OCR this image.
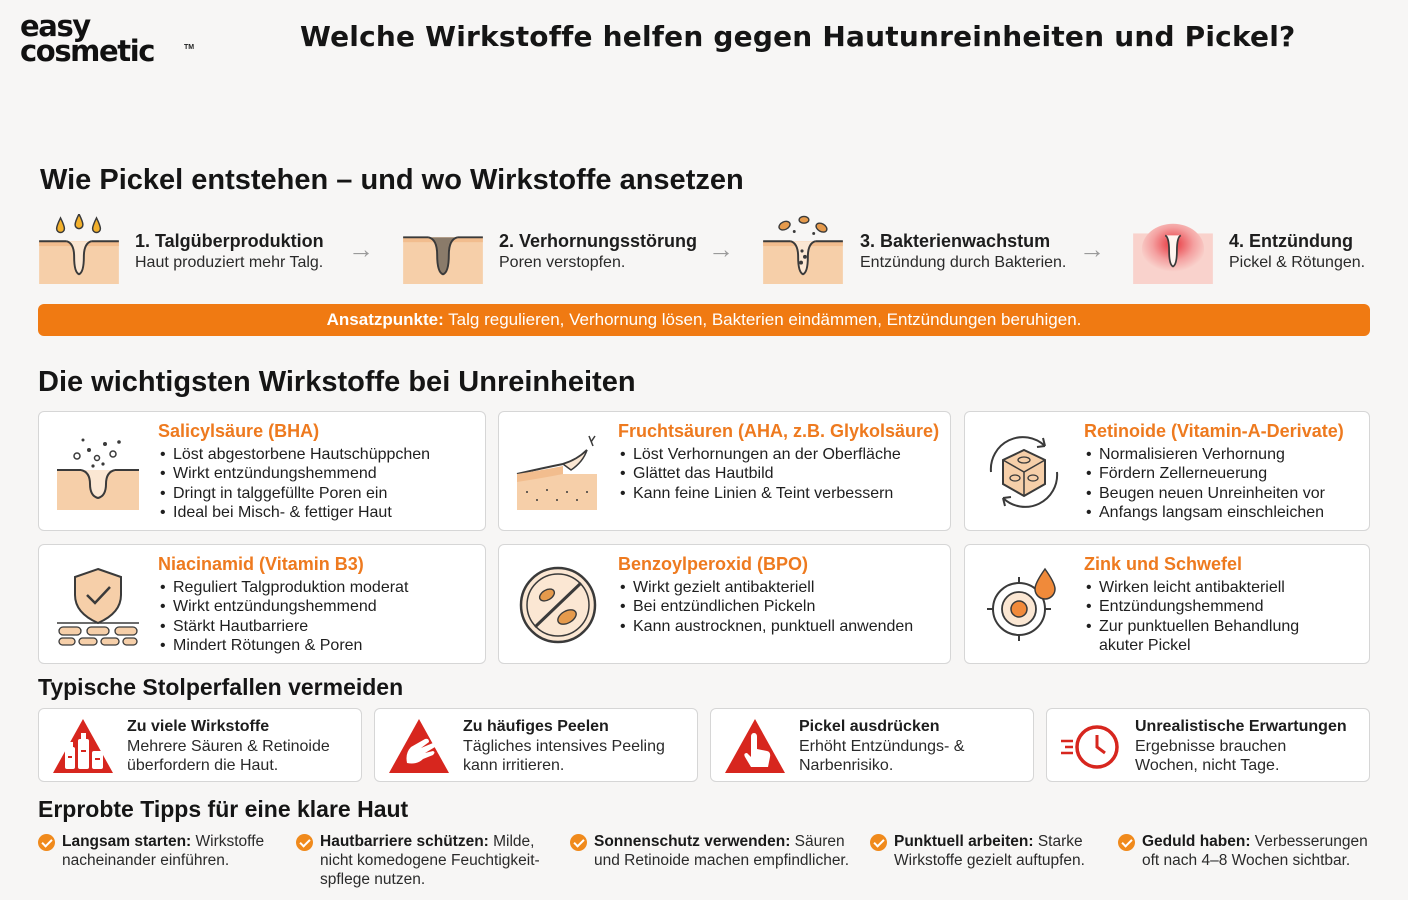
easy
cosmetic	TM	Welche Wirkstoffe helfen gegen Hautunreinheiten und Pickel?
Wie Pickel entstehen – und wo Wirkstoffe ansetzen
1. Talgüberproduktion
Haut produziert mehr Talg. →	2. Verhornungsstörung
Poren verstopfen.	→	3. Bakterienwachstum
Entzündung durch Bakterien. →	4. Entzündung
Pickel & Rötungen.
Ansatzpunkte: Talg regulieren, Verhornung lösen, Bakterien eindämmen, Entzündungen beruhigen.
Die wichtigsten Wirkstoffe bei Unreinheiten
Salicylsäure (BHA)
• Löst abgestorbene Hautschüppchen
• Wirkt entzündungshemmend
• Dringt in talggefüllte Poren ein
• Ideal bei Misch- & fettiger Haut
Fruchtsäuren (AHA, z.B. Glykolsäure)
• Löst Verhornungen an der Oberfläche
• Glättet das Hautbild
• Kann feine Linien & Teint verbessern
Retinoide (Vitamin-A-Derivate)
• Normalisieren Verhornung
• Fördern Zellerneuerung
• Beugen neuen Unreinheiten vor
• Anfangs langsam einschleichen
Niacinamid (Vitamin B3)
• Reguliert Talgproduktion moderat
• Wirkt entzündungshemmend
• Stärkt Hautbarriere
• Mindert Rötungen & Poren
Benzoylperoxid (BPO)
• Wirkt gezielt antibakteriell
• Bei entzündlichen Pickeln
• Kann austrocknen, punktuell anwenden
Zink und Schwefel
• Wirken leicht antibakteriell
• Entzündungshemmend
• Zur punktuellen Behandlung
akuter Pickel
Typische Stolperfallen vermeiden
Zu viele Wirkstoffe
Mehrere Säuren & Retinoide
überfordern die Haut.
Zu häufiges Peelen
Tägliches intensives Peeling
kann irritieren.
Pickel ausdrücken
Erhöht Entzündungs- &
Narbenrisiko.
Unrealistische Erwartungen
Ergebnisse brauchen
Wochen, nicht Tage.
Erprobte Tipps für eine klare Haut
Langsam starten: Wirkstoffe
nacheinander einführen.
Hautbarriere schützen: Milde,
nicht komedogene Feuchtigkeit-
spflege nutzen.
Sonnenschutz verwenden: Säuren
und Retinoide machen empfindlicher.
Punktuell arbeiten: Starke
Wirkstoffe gezielt auftupfen.
Geduld haben: Verbesserungen
oft nach 4–8 Wochen sichtbar.
